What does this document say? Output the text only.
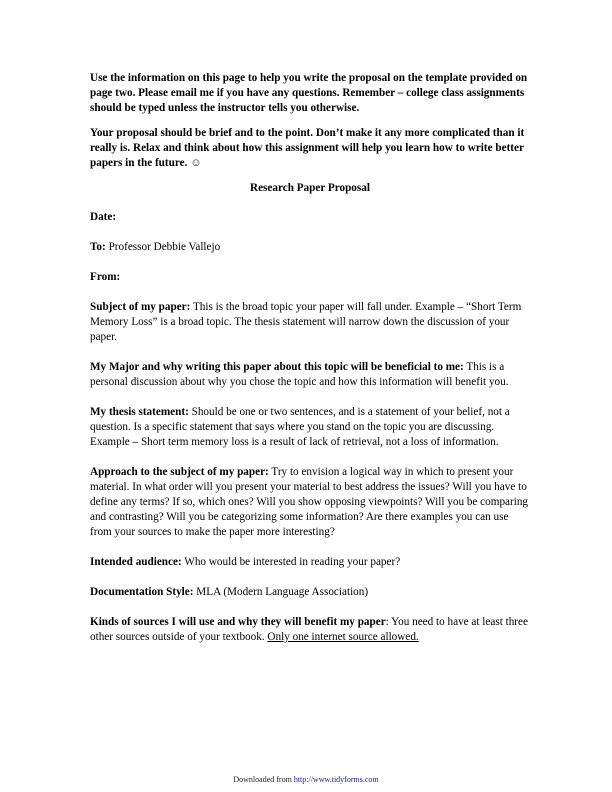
Use the information on this page to help you write the proposal on the template provided on page two. Please email me if you have any questions. Remember – college class assignments should be typed unless the instructor tells you otherwise.

Your proposal should be brief and to the point. Don’t make it any more complicated than it really is. Relax and think about how this assignment will help you learn how to write better papers in the future. ☺

Research Paper Proposal

Date:

To: Professor Debbie Vallejo

From:

Subject of my paper: This is the broad topic your paper will fall under. Example – “Short Term Memory Loss” is a broad topic. The thesis statement will narrow down the discussion of your paper.

My Major and why writing this paper about this topic will be beneficial to me: This is a personal discussion about why you chose the topic and how this information will benefit you.

My thesis statement: Should be one or two sentences, and is a statement of your belief, not a question. Is a specific statement that says where you stand on the topic you are discussing. Example – Short term memory loss is a result of lack of retrieval, not a loss of information.

Approach to the subject of my paper: Try to envision a logical way in which to present your material. In what order will you present your material to best address the issues? Will you have to define any terms? If so, which ones? Will you show opposing viewpoints? Will you be comparing and contrasting? Will you be categorizing some information? Are there examples you can use from your sources to make the paper more interesting?

Intended audience: Who would be interested in reading your paper?

Documentation Style: MLA (Modern Language Association)

Kinds of sources I will use and why they will benefit my paper: You need to have at least three other sources outside of your textbook. Only one internet source allowed.

Downloaded from http://www.tidyforms.com
